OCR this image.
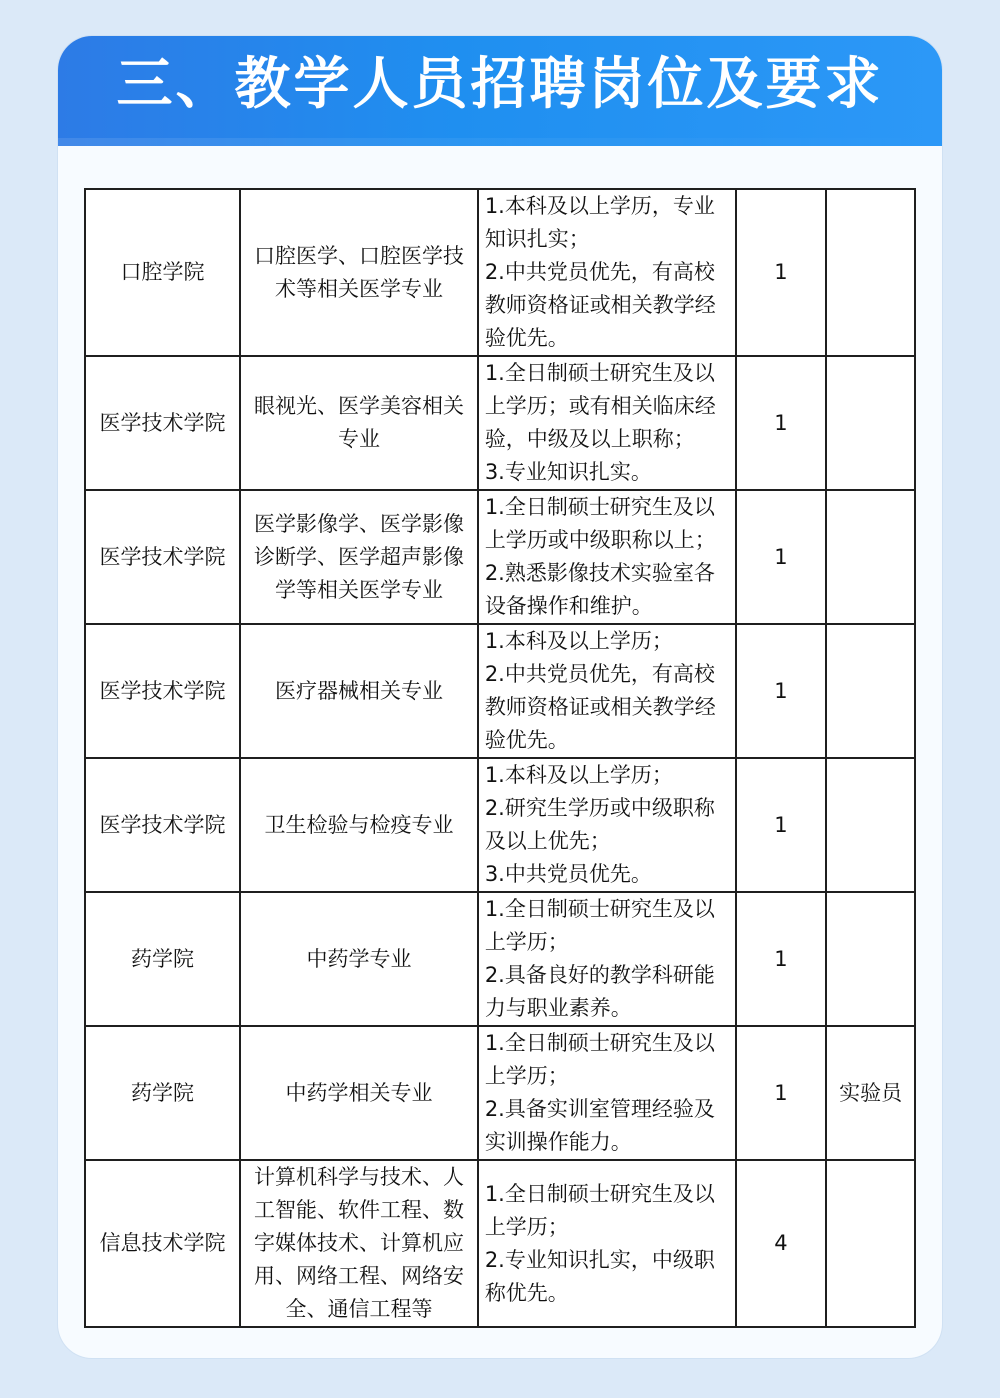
三、教学人员招聘岗位及要求
口腔学院	口腔医学、口腔医学技术等相关医学专业	1.本科及以上学历，专业知识扎实；
2.中共党员优先，有高校教师资格证或相关教学经验优先。	1	
医学技术学院	眼视光、医学美容相关专业	1.全日制硕士研究生及以上学历；或有相关临床经验，中级及以上职称；
3.专业知识扎实。	1	
医学技术学院	医学影像学、医学影像诊断学、医学超声影像学等相关医学专业	1.全日制硕士研究生及以上学历或中级职称以上；
2.熟悉影像技术实验室各设备操作和维护。	1	
医学技术学院	医疗器械相关专业	1.本科及以上学历；
2.中共党员优先，有高校教师资格证或相关教学经验优先。	1	
医学技术学院	卫生检验与检疫专业	1.本科及以上学历；
2.研究生学历或中级职称及以上优先；
3.中共党员优先。	1	
药学院	中药学专业	1.全日制硕士研究生及以上学历；
2.具备良好的教学科研能力与职业素养。	1	
药学院	中药学相关专业	1.全日制硕士研究生及以上学历；
2.具备实训室管理经验及实训操作能力。	1	实验员
信息技术学院	计算机科学与技术、人工智能、软件工程、数字媒体技术、计算机应用、网络工程、网络安全、通信工程等	1.全日制硕士研究生及以上学历；
2.专业知识扎实，中级职称优先。	4	
